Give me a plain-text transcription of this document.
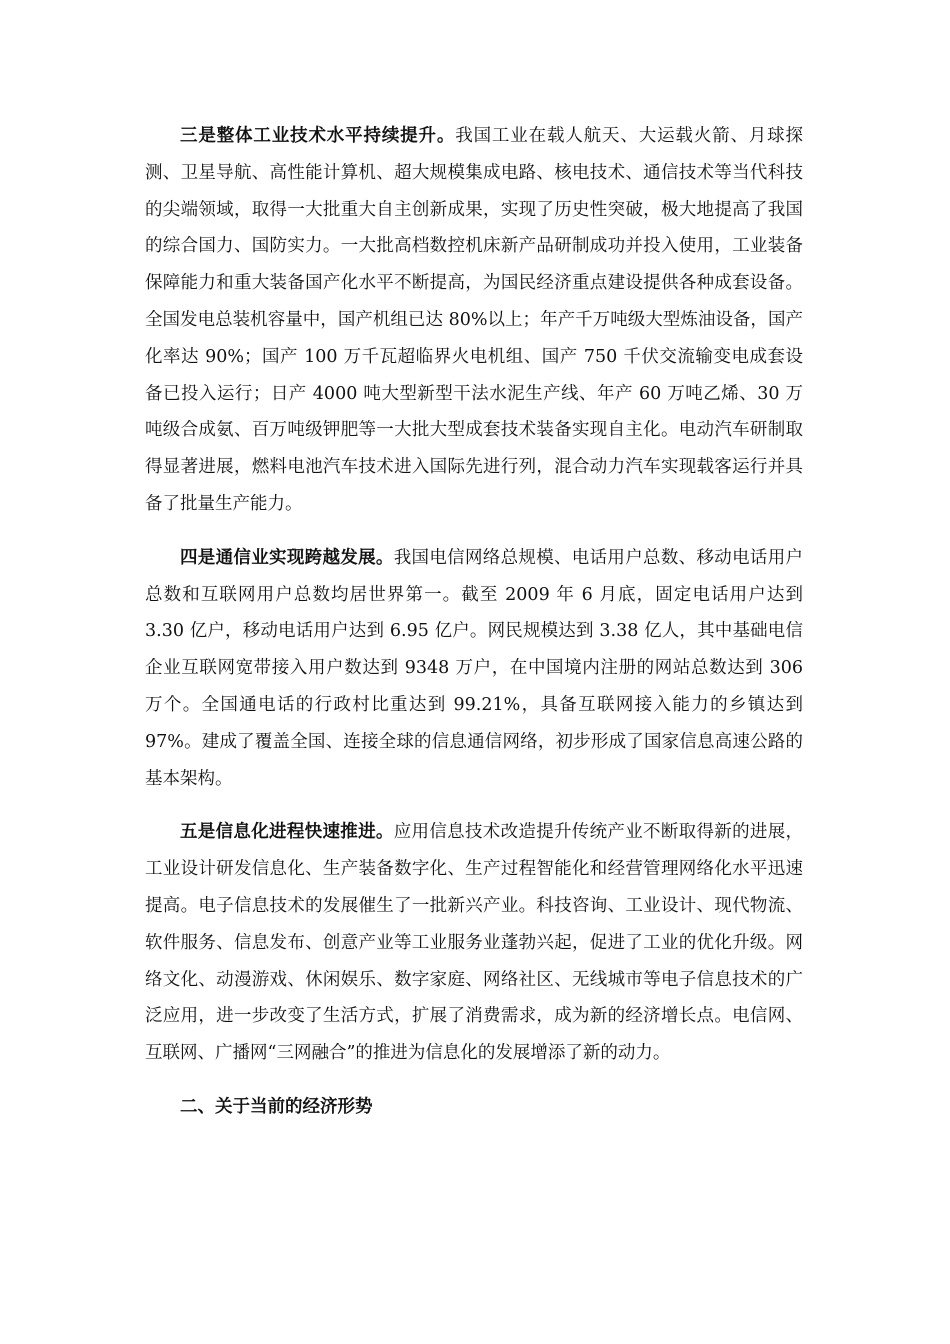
三是整体工业技术水平持续提升。我国工业在载人航天、大运载火箭、月球探测、卫星导航、高性能计算机、超大规模集成电路、核电技术、通信技术等当代科技的尖端领域，取得一大批重大自主创新成果，实现了历史性突破，极大地提高了我国的综合国力、国防实力。一大批高档数控机床新产品研制成功并投入使用，工业装备保障能力和重大装备国产化水平不断提高，为国民经济重点建设提供各种成套设备。全国发电总装机容量中，国产机组已达 80%以上；年产千万吨级大型炼油设备，国产化率达 90%；国产 100 万千瓦超临界火电机组、国产 750 千伏交流输变电成套设备已投入运行；日产 4000 吨大型新型干法水泥生产线、年产 60 万吨乙烯、30 万吨级合成氨、百万吨级钾肥等一大批大型成套技术装备实现自主化。电动汽车研制取得显著进展，燃料电池汽车技术进入国际先进行列，混合动力汽车实现载客运行并具备了批量生产能力。

四是通信业实现跨越发展。我国电信网络总规模、电话用户总数、移动电话用户总数和互联网用户总数均居世界第一。截至 2009 年 6 月底，固定电话用户达到 3.30 亿户，移动电话用户达到 6.95 亿户。网民规模达到 3.38 亿人，其中基础电信企业互联网宽带接入用户数达到 9348 万户，在中国境内注册的网站总数达到 306 万个。全国通电话的行政村比重达到 99.21%，具备互联网接入能力的乡镇达到 97%。建成了覆盖全国、连接全球的信息通信网络，初步形成了国家信息高速公路的基本架构。

五是信息化进程快速推进。应用信息技术改造提升传统产业不断取得新的进展，工业设计研发信息化、生产装备数字化、生产过程智能化和经营管理网络化水平迅速提高。电子信息技术的发展催生了一批新兴产业。科技咨询、工业设计、现代物流、软件服务、信息发布、创意产业等工业服务业蓬勃兴起，促进了工业的优化升级。网络文化、动漫游戏、休闲娱乐、数字家庭、网络社区、无线城市等电子信息技术的广泛应用，进一步改变了生活方式，扩展了消费需求，成为新的经济增长点。电信网、互联网、广播网“三网融合”的推进为信息化的发展增添了新的动力。

二、关于当前的经济形势
